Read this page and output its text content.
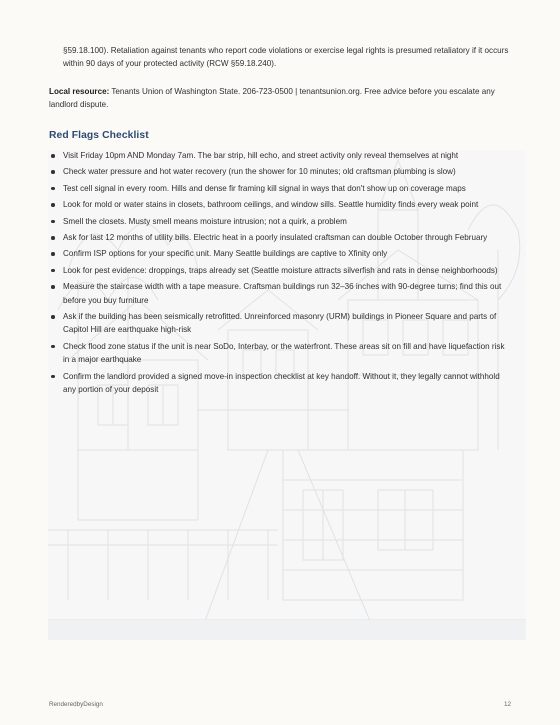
§59.18.100). Retaliation against tenants who report code violations or exercise legal rights is presumed retaliatory if it occurs within 90 days of your protected activity (RCW §59.18.240).

Local resource: Tenants Union of Washington State. 206-723-0500 | tenantsunion.org. Free advice before you escalate any landlord dispute.

Red Flags Checklist
Visit Friday 10pm AND Monday 7am. The bar strip, hill echo, and street activity only reveal themselves at night
Check water pressure and hot water recovery (run the shower for 10 minutes; old craftsman plumbing is slow)
Test cell signal in every room. Hills and dense fir framing kill signal in ways that don't show up on coverage maps
Look for mold or water stains in closets, bathroom ceilings, and window sills. Seattle humidity finds every weak point
Smell the closets. Musty smell means moisture intrusion; not a quirk, a problem
Ask for last 12 months of utility bills. Electric heat in a poorly insulated craftsman can double October through February
Confirm ISP options for your specific unit. Many Seattle buildings are captive to Xfinity only
Look for pest evidence: droppings, traps already set (Seattle moisture attracts silverfish and rats in dense neighborhoods)
Measure the staircase width with a tape measure. Craftsman buildings run 32–36 inches with 90-degree turns; find this out before you buy furniture
Ask if the building has been seismically retrofitted. Unreinforced masonry (URM) buildings in Pioneer Square and parts of Capitol Hill are earthquake high-risk
Check flood zone status if the unit is near SoDo, Interbay, or the waterfront. These areas sit on fill and have liquefaction risk in a major earthquake
Confirm the landlord provided a signed move-in inspection checklist at key handoff. Without it, they legally cannot withhold any portion of your deposit
RenderedbyDesign	12
